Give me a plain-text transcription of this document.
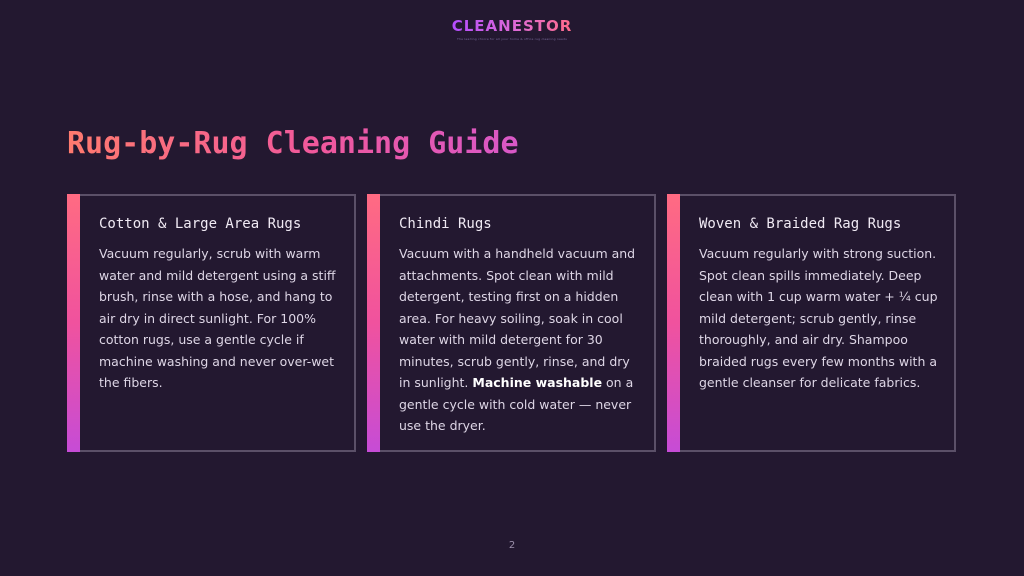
CLEANESTOR
The leading choice for all your home & office rug cleaning needs
Rug-by-Rug Cleaning Guide
Cotton & Large Area Rugs

Vacuum regularly, scrub with warm water and mild detergent using a stiff brush, rinse with a hose, and hang to air dry in direct sunlight. For 100% cotton rugs, use a gentle cycle if machine washing and never over-wet the fibers.

Chindi Rugs

Vacuum with a handheld vacuum and attachments. Spot clean with mild detergent, testing first on a hidden area. For heavy soiling, soak in cool water with mild detergent for 30 minutes, scrub gently, rinse, and dry in sunlight. Machine washable on a gentle cycle with cold water — never use the dryer.

Woven & Braided Rag Rugs

Vacuum regularly with strong suction. Spot clean spills immediately. Deep clean with 1 cup warm water + ¼ cup mild detergent; scrub gently, rinse thoroughly, and air dry. Shampoo braided rugs every few months with a gentle cleanser for delicate fabrics.

2
